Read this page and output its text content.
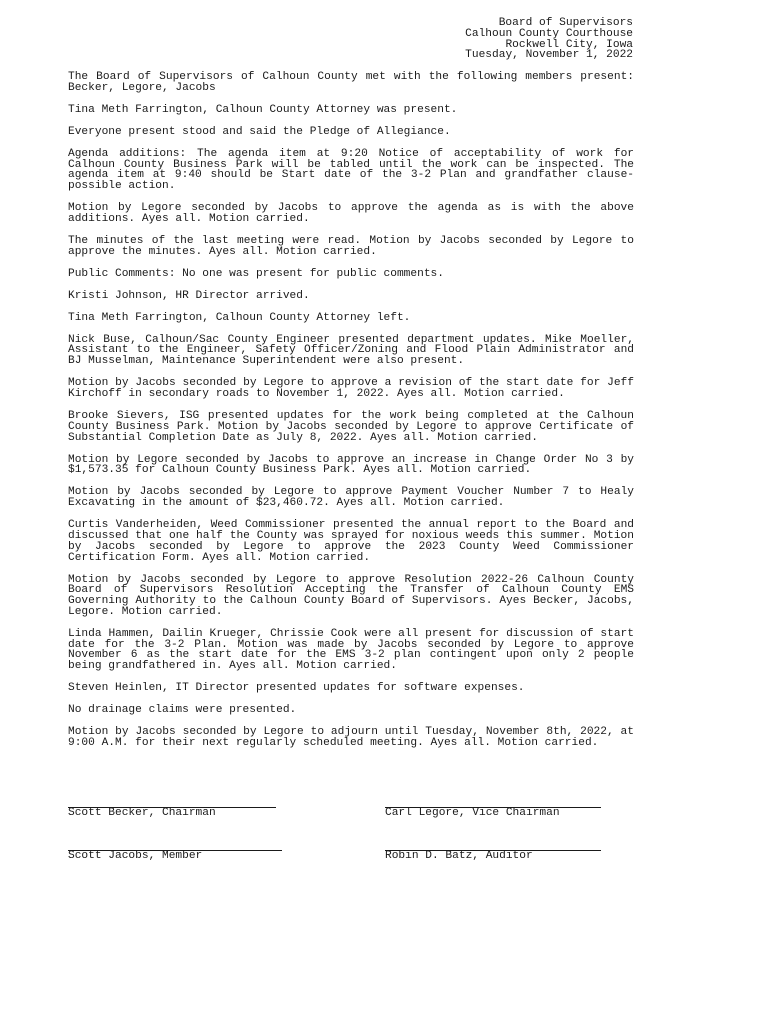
Board of Supervisors
Calhoun County Courthouse
Rockwell City, Iowa
Tuesday, November 1, 2022

The Board of Supervisors of Calhoun County met with the following members present: Becker, Legore, Jacobs

Tina Meth Farrington, Calhoun County Attorney was present.

Everyone present stood and said the Pledge of Allegiance.

Agenda additions: The agenda item at 9:20 Notice of acceptability of work for Calhoun County Business Park will be tabled until the work can be inspected. The agenda item at 9:40 should be Start date of the 3-2 Plan and grandfather clause-possible action.

Motion by Legore seconded by Jacobs to approve the agenda as is with the above additions. Ayes all. Motion carried.

The minutes of the last meeting were read. Motion by Jacobs seconded by Legore to approve the minutes. Ayes all. Motion carried.

Public Comments: No one was present for public comments.

Kristi Johnson, HR Director arrived.

Tina Meth Farrington, Calhoun County Attorney left.

Nick Buse, Calhoun/Sac County Engineer presented department updates. Mike Moeller, Assistant to the Engineer, Safety Officer/Zoning and Flood Plain Administrator and BJ Musselman, Maintenance Superintendent were also present.

Motion by Jacobs seconded by Legore to approve a revision of the start date for Jeff Kirchoff in secondary roads to November 1, 2022. Ayes all. Motion carried.

Brooke Sievers, ISG presented updates for the work being completed at the Calhoun County Business Park. Motion by Jacobs seconded by Legore to approve Certificate of Substantial Completion Date as July 8, 2022. Ayes all. Motion carried.

Motion by Legore seconded by Jacobs to approve an increase in Change Order No 3 by $1,573.35 for Calhoun County Business Park. Ayes all. Motion carried.

Motion by Jacobs seconded by Legore to approve Payment Voucher Number 7 to Healy Excavating in the amount of $23,460.72. Ayes all. Motion carried.

Curtis Vanderheiden, Weed Commissioner presented the annual report to the Board and discussed that one half the County was sprayed for noxious weeds this summer. Motion by Jacobs seconded by Legore to approve the 2023 County Weed Commissioner Certification Form. Ayes all. Motion carried.

Motion by Jacobs seconded by Legore to approve Resolution 2022-26 Calhoun County Board of Supervisors Resolution Accepting the Transfer of Calhoun County EMS Governing Authority to the Calhoun County Board of Supervisors. Ayes Becker, Jacobs, Legore. Motion carried.

Linda Hammen, Dailin Krueger, Chrissie Cook were all present for discussion of start date for the 3-2 Plan. Motion was made by Jacobs seconded by Legore to approve November 6 as the start date for the EMS 3-2 plan contingent upon only 2 people being grandfathered in. Ayes all. Motion carried.

Steven Heinlen, IT Director presented updates for software expenses.

No drainage claims were presented.

Motion by Jacobs seconded by Legore to adjourn until Tuesday, November 8th, 2022, at 9:00 A.M. for their next regularly scheduled meeting. Ayes all. Motion carried.

Scott Becker, Chairman	Carl Legore, Vice Chairman
Scott Jacobs, Member	Robin D. Batz, Auditor
